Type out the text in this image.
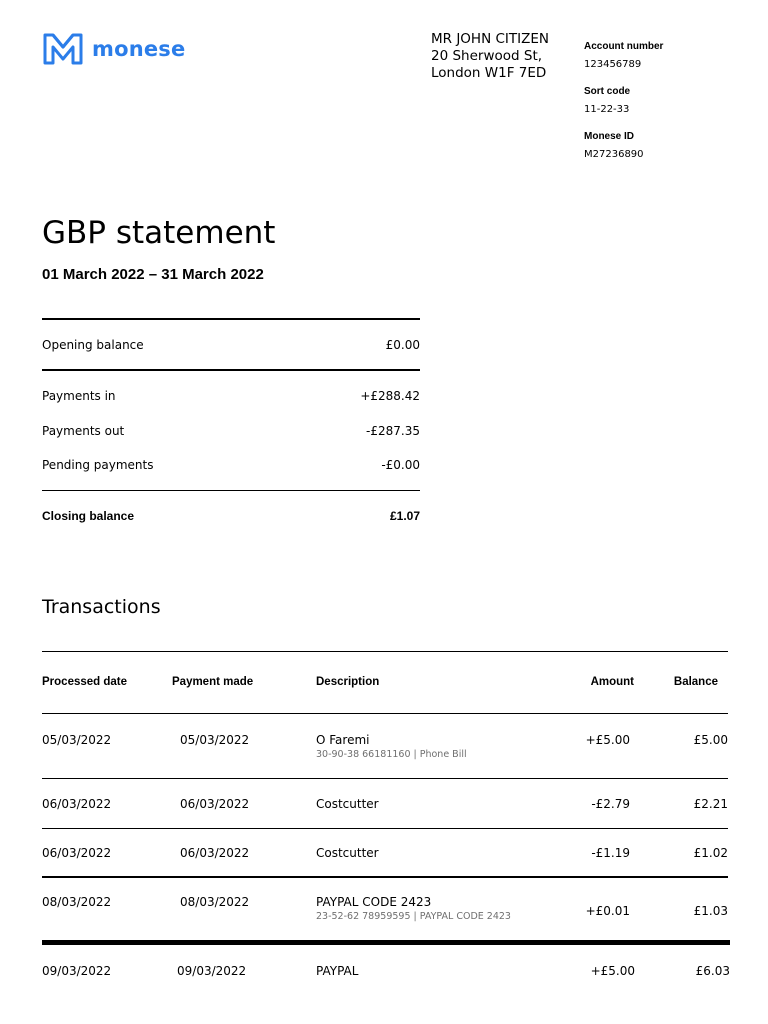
monese	MR JOHN CITIZEN
20 Sherwood St,
London W1F 7ED
Account number
123456789
Sort code
11-22-33
Monese ID
M27236890
GBP statement
01 March 2022 – 31 March 2022
Opening balance	£0.00
Payments in	+£288.42
Payments out	-£287.35
Pending payments	-£0.00
Closing balance	£1.07
Transactions
Processed date	Payment made	Description	Amount	Balance
05/03/2022	05/03/2022	O Faremi
30-90-38 66181160 | Phone Bill
+£5.00	£5.00
06/03/2022	06/03/2022	Costcutter	-£2.79	£2.21
06/03/2022	06/03/2022	Costcutter	-£1.19	£1.02
08/03/2022	08/03/2022	PAYPAL CODE 2423
23-52-62 78959595 | PAYPAL CODE 2423	+£0.01	£1.03
09/03/2022	09/03/2022	PAYPAL	+£5.00	£6.03
